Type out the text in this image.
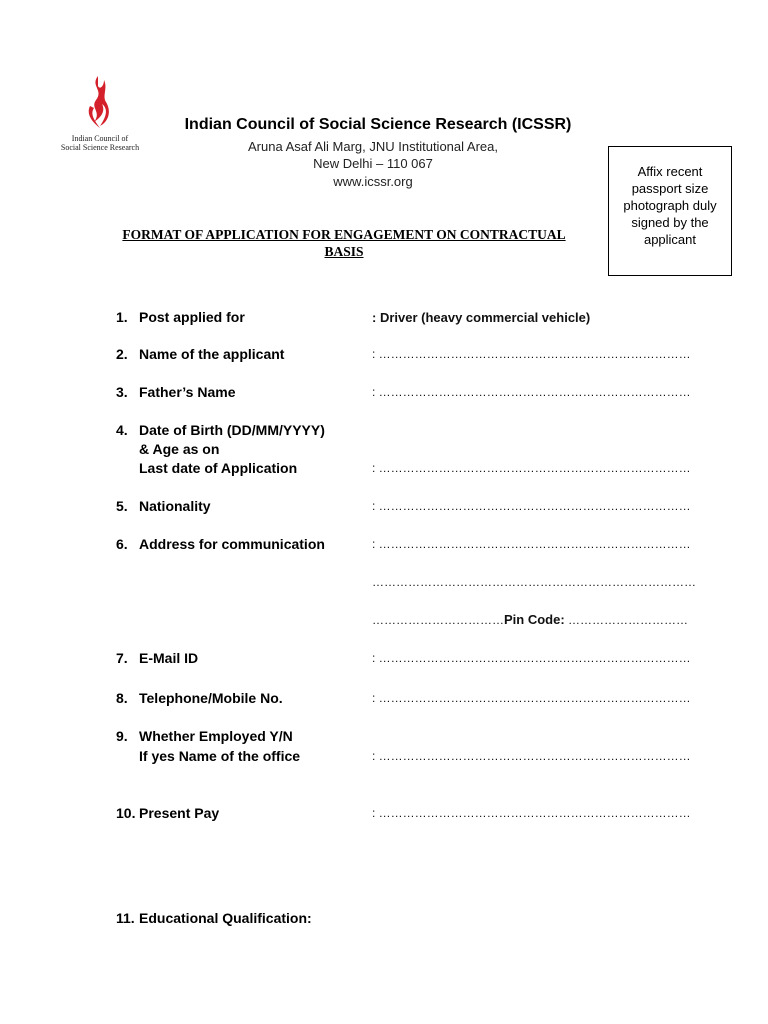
Indian Council of
Social Science Research
Indian Council of Social Science Research (ICSSR)
Aruna Asaf Ali Marg, JNU Institutional Area,
New Delhi – 110 067
www.icssr.org
Affix recent passport size photograph duly signed by the applicant
FORMAT OF APPLICATION FOR ENGAGEMENT ON CONTRACTUAL
BASIS
1. Post applied for	: Driver (heavy commercial vehicle)
2. Name of the applicant	: ……………………………………………………………………
3. Father’s Name	: ……………………………………………………………………
4. Date of Birth (DD/MM/YYYY)
& Age as on
Last date of Application	: ……………………………………………………………………
5. Nationality	: ……………………………………………………………………
6. Address for communication	: ……………………………………………………………………
………………………………………………………………………
……………………………Pin Code: …………………………
7. E-Mail ID	: ……………………………………………………………………
8. Telephone/Mobile No.	: ……………………………………………………………………
9. Whether Employed Y/N
If yes Name of the office	: ……………………………………………………………………
10. Present Pay	: ……………………………………………………………………
11. Educational Qualification:
